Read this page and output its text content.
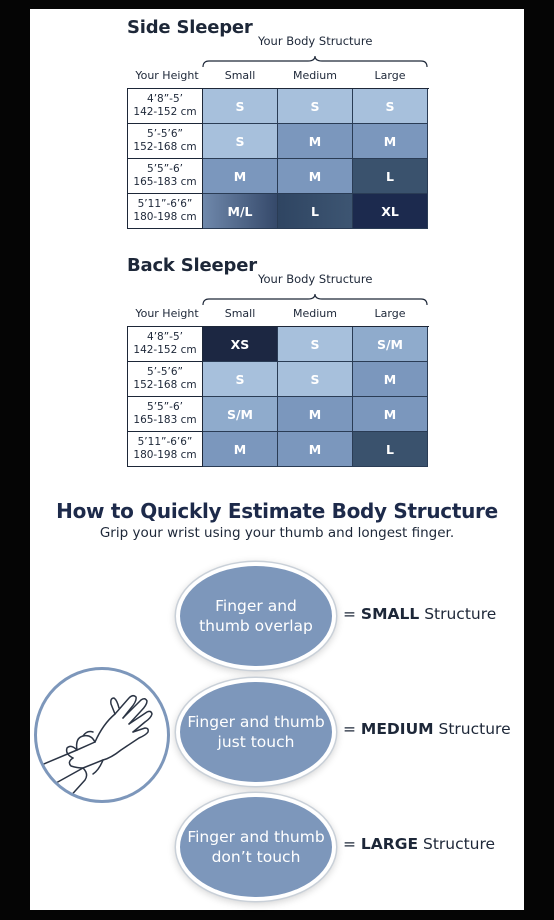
Side Sleeper
Your Body Structure
Your Height	Small	Medium	Large
4’8”-5’
142-152 cm	S	S	S
5’-5’6”
152-168 cm	S	M	M
5’5”-6’
165-183 cm	M	M	L
5’11”-6’6”
180-198 cm	M/L	L	XL
Back Sleeper
Your Body Structure
Your Height	Small	Medium	Large
4’8”-5’
142-152 cm	XS	S	S/M
5’-5’6”
152-168 cm	S	S	M
5’5”-6’
165-183 cm	S/M	M	M
5’11”-6’6”
180-198 cm	M	M	L
How to Quickly Estimate Body Structure
Grip your wrist using your thumb and longest finger.
Finger and
thumb overlap
= SMALL Structure
Finger and thumb
just touch
= MEDIUM Structure
Finger and thumb
don’t touch
= LARGE Structure
